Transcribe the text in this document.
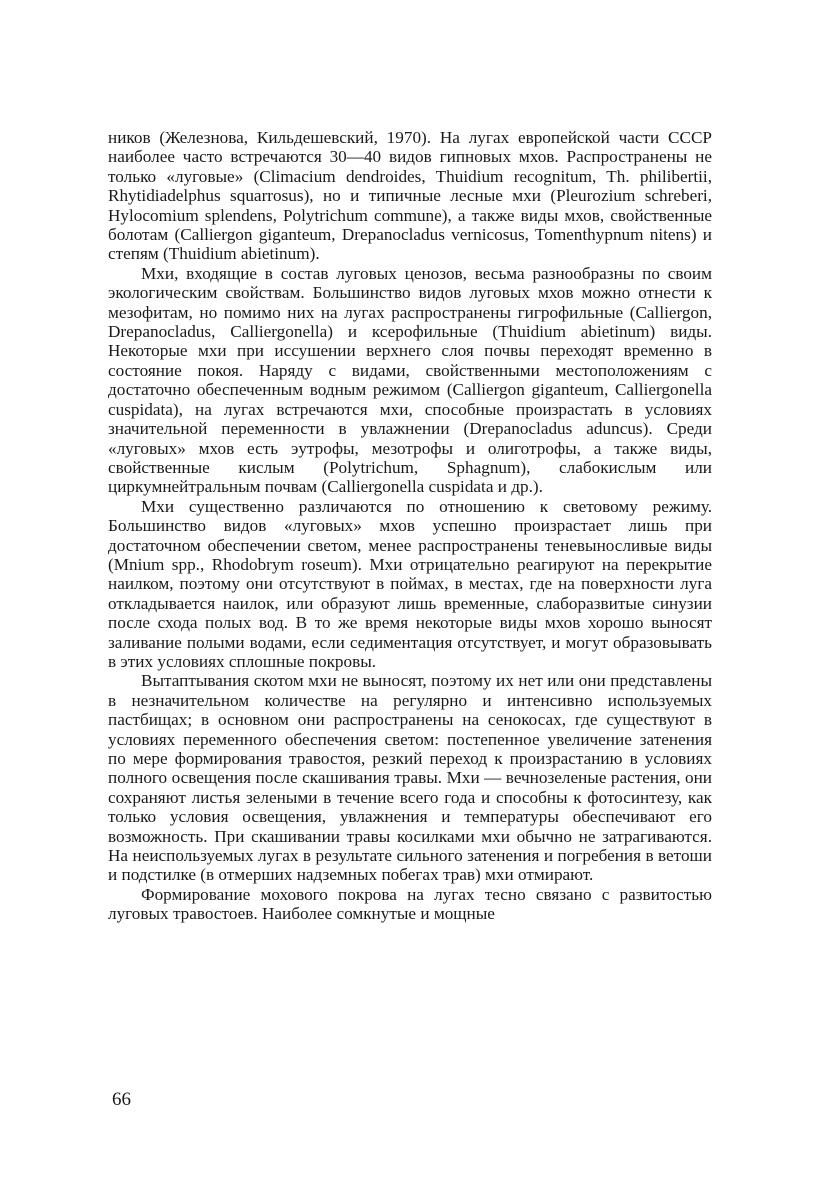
ников (Железнова, Кильдешевский, 1970). На лугах европейской части СССР наиболее часто встречаются 30—40 видов гипновых мхов. Распространены не только «луговые» (Climacium dendroides, Thuidium recognitum, Th. philibertii, Rhytidiadelphus squarrosus), но и типичные лесные мхи (Pleurozium schreberi, Hylocomium splendens, Polytrichum commune), а также виды мхов, свойственные болотам (Calliergon giganteum, Drepanocladus vernicosus, Tomenthypnum nitens) и степям (Thuidium abietinum).

Мхи, входящие в состав луговых ценозов, весьма разнообразны по своим экологическим свойствам. Большинство видов луговых мхов можно отнести к мезофитам, но помимо них на лугах распространены гигрофильные (Calliergon, Drepanocladus, Calliergonella) и ксерофильные (Thuidium abietinum) виды. Некоторые мхи при иссушении верхнего слоя почвы переходят временно в состояние покоя. Наряду с видами, свойственными местоположениям с достаточно обеспеченным водным режимом (Calliergon giganteum, Calliergonella cuspidata), на лугах встречаются мхи, способные произрастать в условиях значительной переменности в увлажнении (Drepanocladus aduncus). Среди «луговых» мхов есть эутрофы, мезотрофы и олиготрофы, а также виды, свойственные кислым (Polytrichum, Sphagnum), слабокислым или циркумнейтральным почвам (Calliergonella cuspidata и др.).

Мхи существенно различаются по отношению к световому режиму. Большинство видов «луговых» мхов успешно произрастает лишь при достаточном обеспечении светом, менее распространены теневыносливые виды (Mnium spp., Rhodobrym roseum). Мхи отрицательно реагируют на перекрытие наилком, поэтому они отсутствуют в поймах, в местах, где на поверхности луга откладывается наилок, или образуют лишь временные, слаборазвитые синузии после схода полых вод. В то же время некоторые виды мхов хорошо выносят заливание полыми водами, если седиментация отсутствует, и могут образовывать в этих условиях сплошные покровы.

Вытаптывания скотом мхи не выносят, поэтому их нет или они представлены в незначительном количестве на регулярно и интенсивно используемых пастбищах; в основном они распространены на сенокосах, где существуют в условиях переменного обеспечения светом: постепенное увеличение затенения по мере формирования травостоя, резкий переход к произрастанию в условиях полного освещения после скашивания травы. Мхи — вечнозеленые растения, они сохраняют листья зелеными в течение всего года и способны к фотосинтезу, как только условия освещения, увлажнения и температуры обеспечивают его возможность. При скашивании травы косилками мхи обычно не затрагиваются. На неиспользуемых лугах в результате сильного затенения и погребения в ветоши и подстилке (в отмерших надземных побегах трав) мхи отмирают.

Формирование мохового покрова на лугах тесно связано с развитостью луговых травостоев. Наиболее сомкнутые и мощные

66
